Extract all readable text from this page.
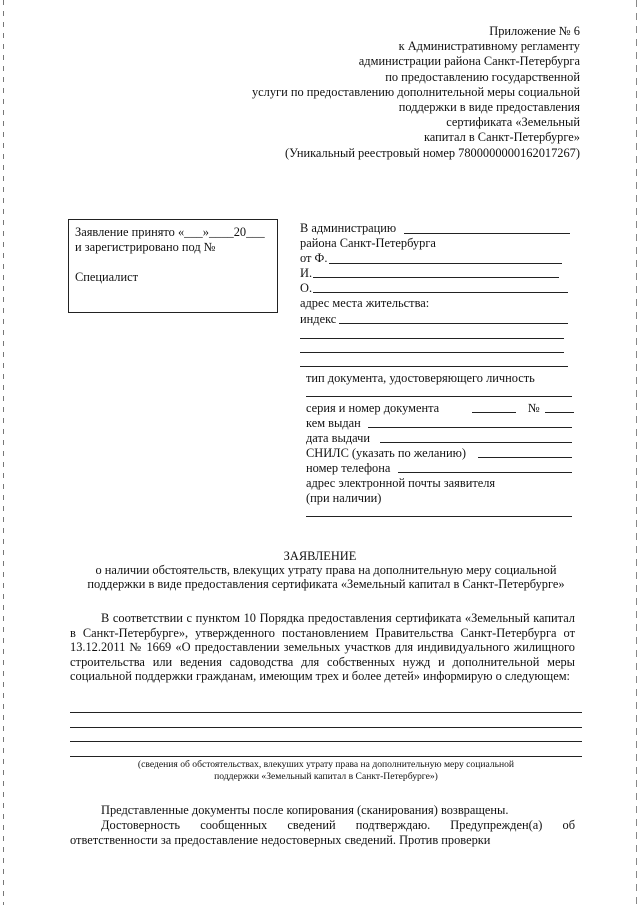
Приложение № 6
к Административному регламенту
администрации района Санкт-Петербурга
по предоставлению государственной
услуги по предоставлению дополнительной меры социальной
поддержки в виде предоставления
сертификата «Земельный
капитал в Санкт-Петербурге»
(Уникальный реестровый номер 7800000000162017267)
Заявление принято «___»____20___
и зарегистрировано под №
Специалист
В администрацию
района Санкт-Петербурга
от Ф.
И.
О.
адрес места жительства:
индекс
тип документа, удостоверяющего личность
серия и номер документа	№
кем выдан
дата выдачи
СНИЛС (указать по желанию)
номер телефона
адрес электронной почты заявителя
(при наличии)
ЗАЯВЛЕНИЕ
о наличии обстоятельств, влекущих утрату права на дополнительную меру социальной
поддержки в виде предоставления сертификата «Земельный капитал в Санкт-Петербурге»
В соответствии с пунктом 10 Порядка предоставления сертификата «Земельный капитал в Санкт-Петербурге», утвержденного постановлением Правительства Санкт-Петербурга от 13.12.2011 № 1669 «О предоставлении земельных участков для индивидуального жилищного строительства или ведения садоводства для собственных нужд и дополнительной меры социальной поддержки гражданам, имеющим трех и более детей» информирую о следующем:
(сведения об обстоятельствах, влекуших утрату права на дополнительную меру социальной
поддержки «Земельный капитал в Санкт-Петербурге»)

Представленные документы после копирования (сканирования) возвращены.

Достоверность сообщенных сведений подтверждаю. Предупрежден(а) об ответственности за предоставление недостоверных сведений. Против проверки
